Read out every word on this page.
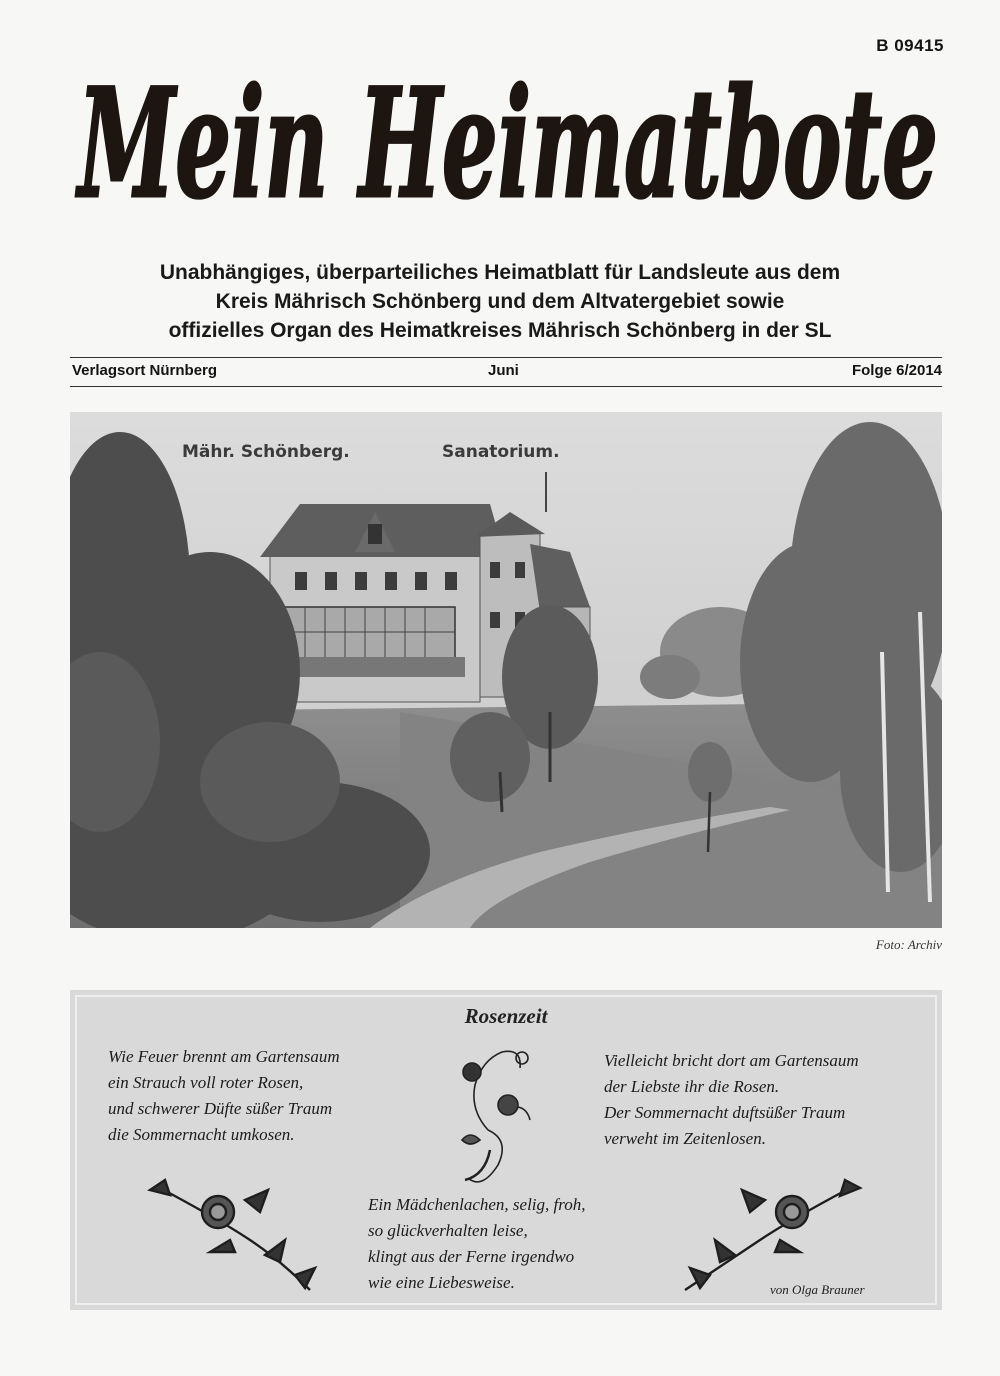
B 09415
Mein Heimatbote
Unabhängiges, überparteiliches Heimatblatt für Landsleute aus dem
Kreis Mährisch Schönberg und dem Altvatergebiet sowie
offizielles Organ des Heimatkreises Mährisch Schönberg in der SL
Verlagsort Nürnberg	Juni	Folge 6/2014
Mähr. Schönberg.	Sanatorium.
Foto: Archiv
Rosenzeit
Wie Feuer brennt am Gartensaum
ein Strauch voll roter Rosen,
und schwerer Düfte süßer Traum
die Sommernacht umkosen.
Vielleicht bricht dort am Gartensaum
der Liebste ihr die Rosen.
Der Sommernacht duftsüßer Traum
verweht im Zeitenlosen.
Ein Mädchenlachen, selig, froh,
so glückverhalten leise,
klingt aus der Ferne irgendwo
wie eine Liebesweise.	von Olga Brauner
